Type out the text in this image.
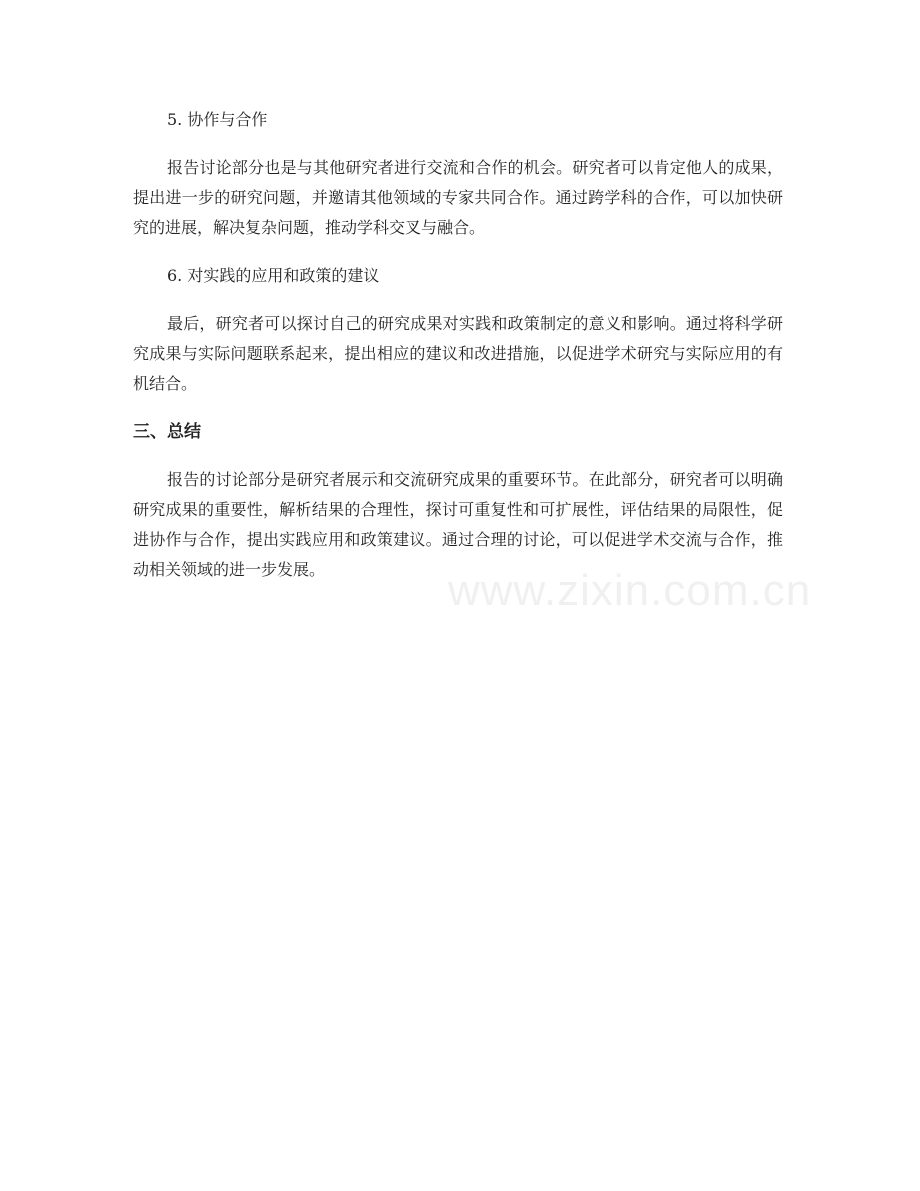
5. 协作与合作

报告讨论部分也是与其他研究者进行交流和合作的机会。研究者可以肯定他人的成果，提出进一步的研究问题，并邀请其他领域的专家共同合作。通过跨学科的合作，可以加快研究的进展，解决复杂问题，推动学科交叉与融合。

6. 对实践的应用和政策的建议

最后，研究者可以探讨自己的研究成果对实践和政策制定的意义和影响。通过将科学研究成果与实际问题联系起来，提出相应的建议和改进措施，以促进学术研究与实际应用的有机结合。

三、总结

报告的讨论部分是研究者展示和交流研究成果的重要环节。在此部分，研究者可以明确研究成果的重要性，解析结果的合理性，探讨可重复性和可扩展性，评估结果的局限性，促进协作与合作，提出实践应用和政策建议。通过合理的讨论，可以促进学术交流与合作，推动相关领域的进一步发展。	www.zixin.com.cn
